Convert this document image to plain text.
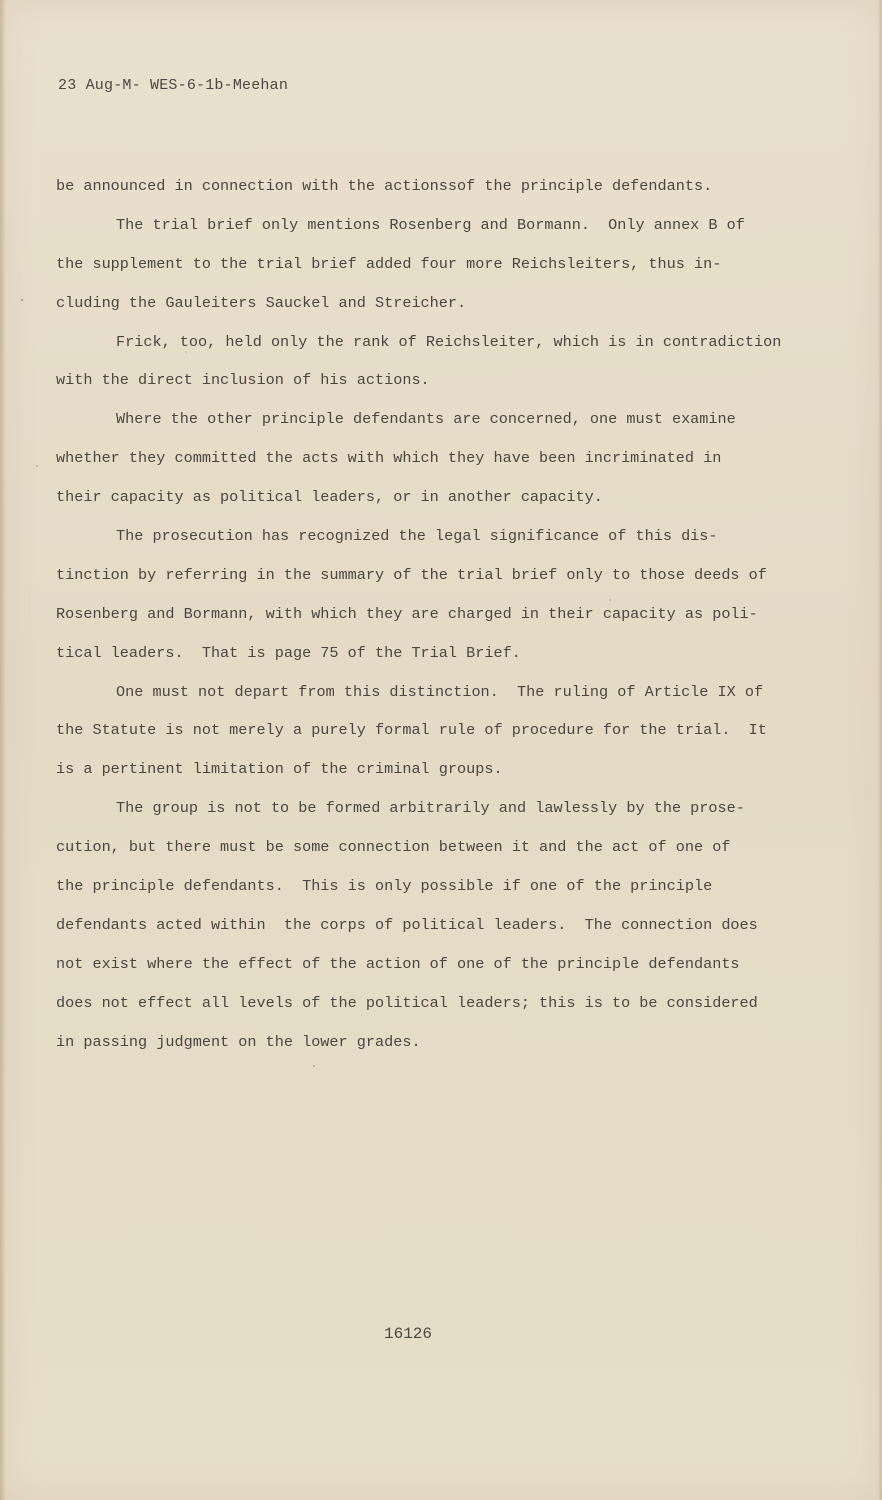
23 Aug-M- WES-6-1b-Meehan
be announced in connection with the actionssof the principle defendants.
The trial brief only mentions Rosenberg and Bormann.  Only annex B of
the supplement to the trial brief added four more Reichsleiters, thus in-
cluding the Gauleiters Sauckel and Streicher.
Frick, too, held only the rank of Reichsleiter, which is in contradiction
with the direct inclusion of his actions.
Where the other principle defendants are concerned, one must examine
whether they committed the acts with which they have been incriminated in
their capacity as political leaders, or in another capacity.
The prosecution has recognized the legal significance of this dis-
tinction by referring in the summary of the trial brief only to those deeds of
Rosenberg and Bormann, with which they are charged in their capacity as poli-
tical leaders.  That is page 75 of the Trial Brief.
One must not depart from this distinction.  The ruling of Article IX of
the Statute is not merely a purely formal rule of procedure for the trial.  It
is a pertinent limitation of the criminal groups.
The group is not to be formed arbitrarily and lawlessly by the prose-
cution, but there must be some connection between it and the act of one of
the principle defendants.  This is only possible if one of the principle
defendants acted within  the corps of political leaders.  The connection does
not exist where the effect of the action of one of the principle defendants
does not effect all levels of the political leaders; this is to be considered
in passing judgment on the lower grades.
16126
